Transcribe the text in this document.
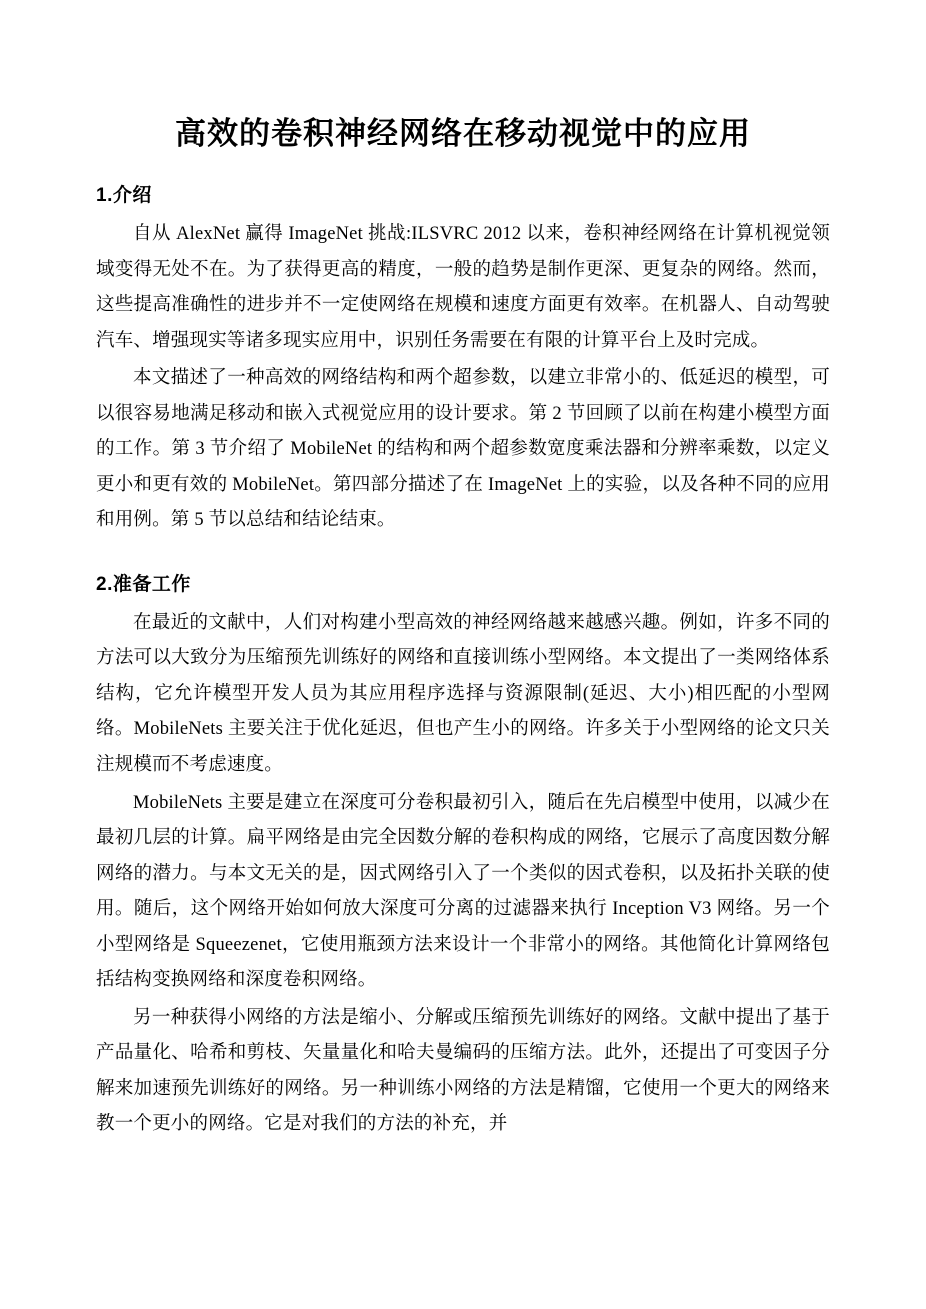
高效的卷积神经网络在移动视觉中的应用
1.介绍

自从 AlexNet 赢得 ImageNet 挑战:ILSVRC 2012 以来，卷积神经网络在计算机视觉领域变得无处不在。为了获得更高的精度，一般的趋势是制作更深、更复杂的网络。然而，这些提高准确性的进步并不一定使网络在规模和速度方面更有效率。在机器人、自动驾驶汽车、增强现实等诸多现实应用中，识别任务需要在有限的计算平台上及时完成。

本文描述了一种高效的网络结构和两个超参数，以建立非常小的、低延迟的模型，可以很容易地满足移动和嵌入式视觉应用的设计要求。第 2 节回顾了以前在构建小模型方面的工作。第 3 节介绍了 MobileNet 的结构和两个超参数宽度乘法器和分辨率乘数，以定义更小和更有效的 MobileNet。第四部分描述了在 ImageNet 上的实验，以及各种不同的应用和用例。第 5 节以总结和结论结束。

2.准备工作

在最近的文献中，人们对构建小型高效的神经网络越来越感兴趣。例如，许多不同的方法可以大致分为压缩预先训练好的网络和直接训练小型网络。本文提出了一类网络体系结构，它允许模型开发人员为其应用程序选择与资源限制(延迟、大小)相匹配的小型网络。MobileNets 主要关注于优化延迟，但也产生小的网络。许多关于小型网络的论文只关注规模而不考虑速度。

MobileNets 主要是建立在深度可分卷积最初引入，随后在先启模型中使用，以减少在最初几层的计算。扁平网络是由完全因数分解的卷积构成的网络，它展示了高度因数分解网络的潜力。与本文无关的是，因式网络引入了一个类似的因式卷积，以及拓扑关联的使用。随后，这个网络开始如何放大深度可分离的过滤器来执行 Inception V3 网络。另一个小型网络是 Squeezenet，它使用瓶颈方法来设计一个非常小的网络。其他简化计算网络包括结构变换网络和深度卷积网络。

另一种获得小网络的方法是缩小、分解或压缩预先训练好的网络。文献中提出了基于产品量化、哈希和剪枝、矢量量化和哈夫曼编码的压缩方法。此外，还提出了可变因子分解来加速预先训练好的网络。另一种训练小网络的方法是精馏，它使用一个更大的网络来教一个更小的网络。它是对我们的方法的补充，并
